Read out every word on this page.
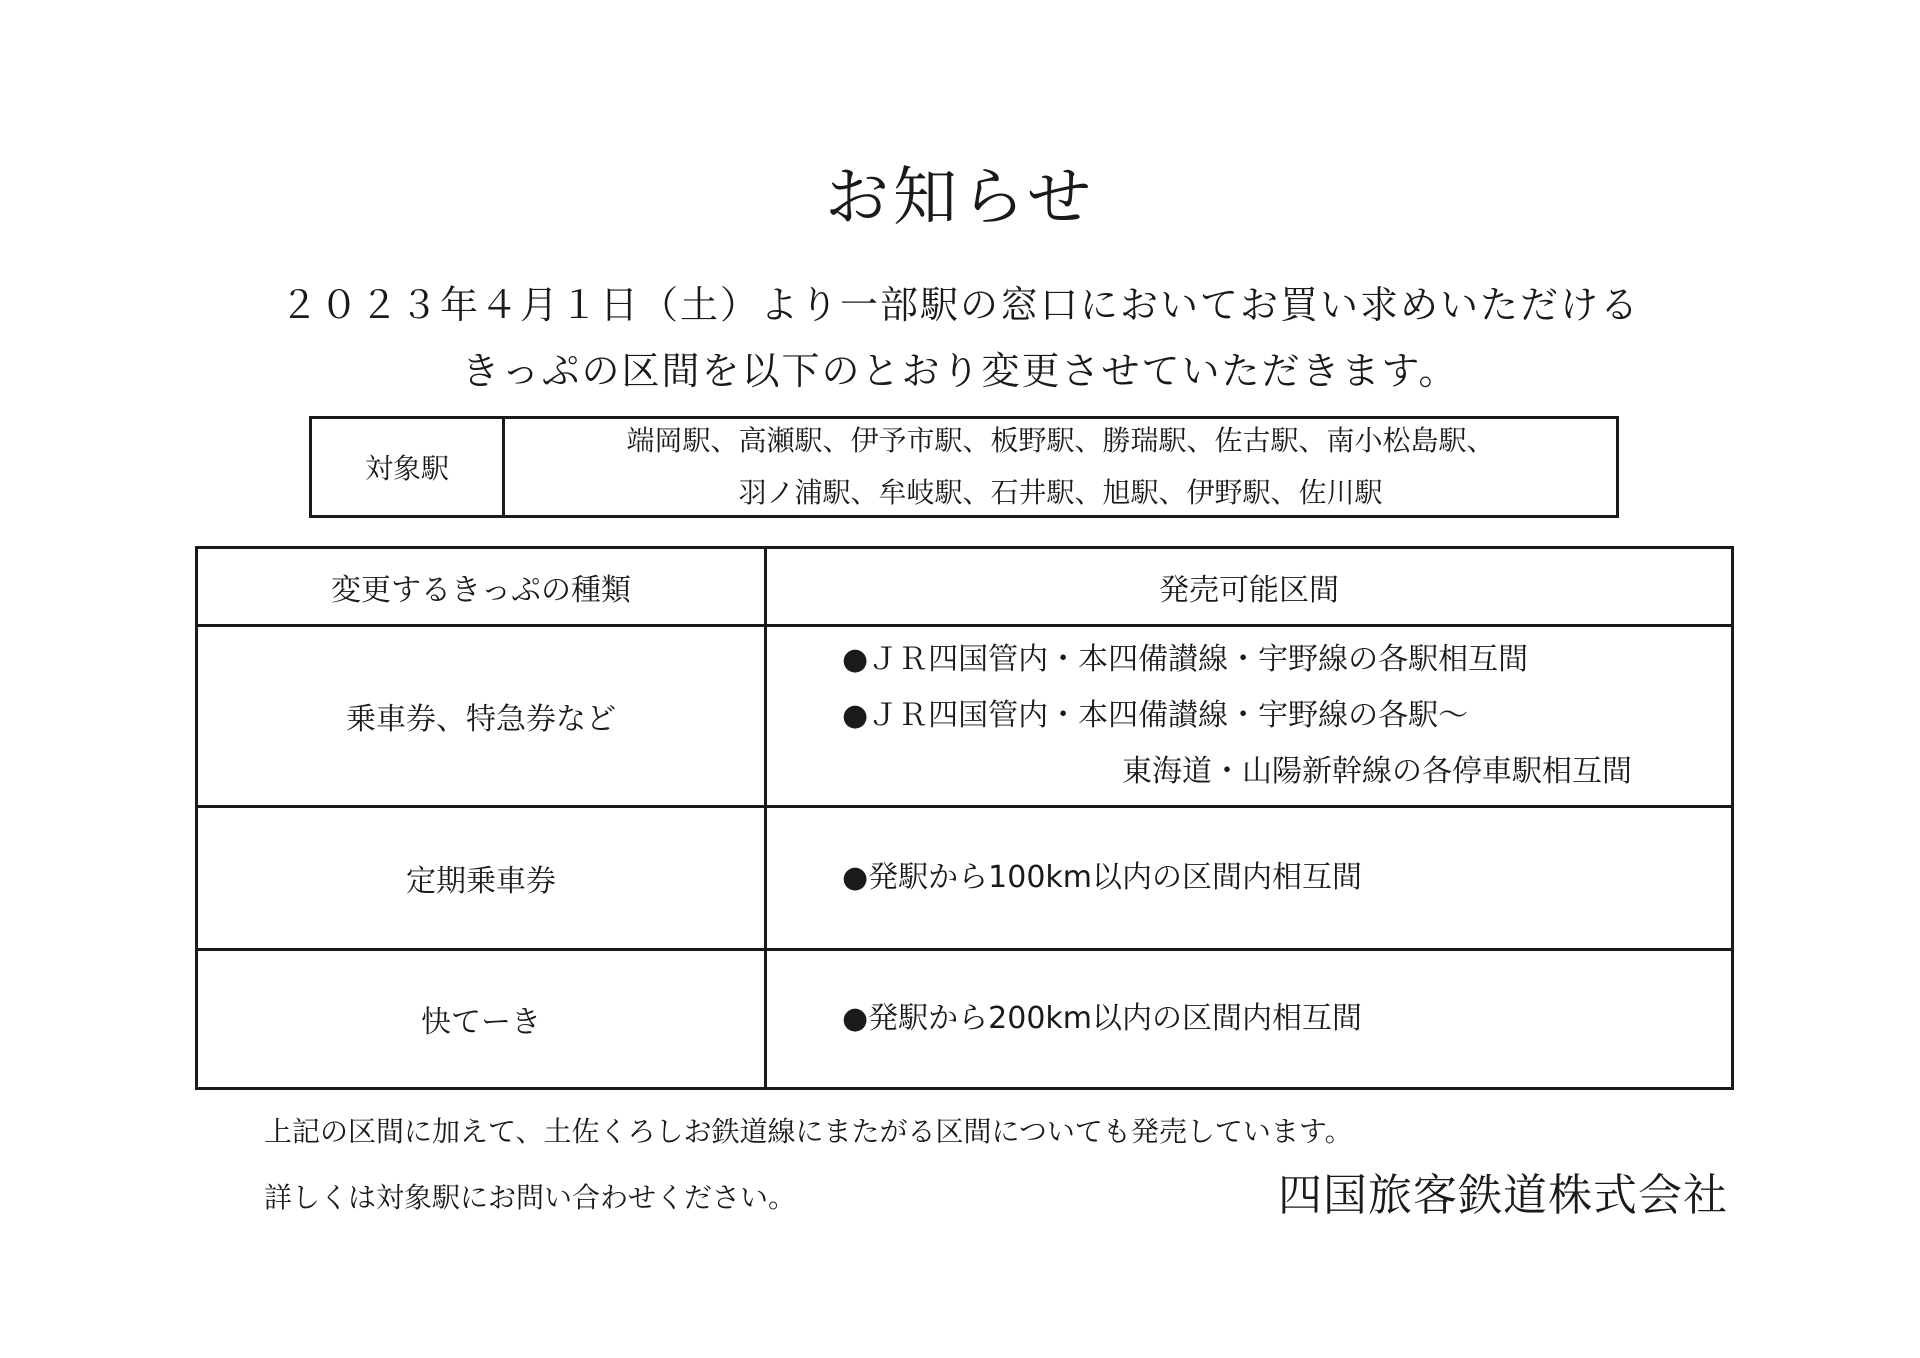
お知らせ

２０２３年４月１日（土）より一部駅の窓口においてお買い求めいただける

きっぷの区間を以下のとおり変更させていただきます。

対象駅
端岡駅、高瀬駅、伊予市駅、板野駅、勝瑞駅、佐古駅、南小松島駅、
羽ノ浦駅、牟岐駅、石井駅、旭駅、伊野駅、佐川駅
変更するきっぷの種類	発売可能区間
乗車券、特急券など
●ＪＲ四国管内・本四備讃線・宇野線の各駅相互間
●ＪＲ四国管内・本四備讃線・宇野線の各駅～
東海道・山陽新幹線の各停車駅相互間
定期乗車券	●発駅から100km以内の区間内相互間
快てーき	●発駅から200km以内の区間内相互間

上記の区間に加えて、土佐くろしお鉄道線にまたがる区間についても発売しています。

詳しくは対象駅にお問い合わせください。	四国旅客鉄道株式会社
